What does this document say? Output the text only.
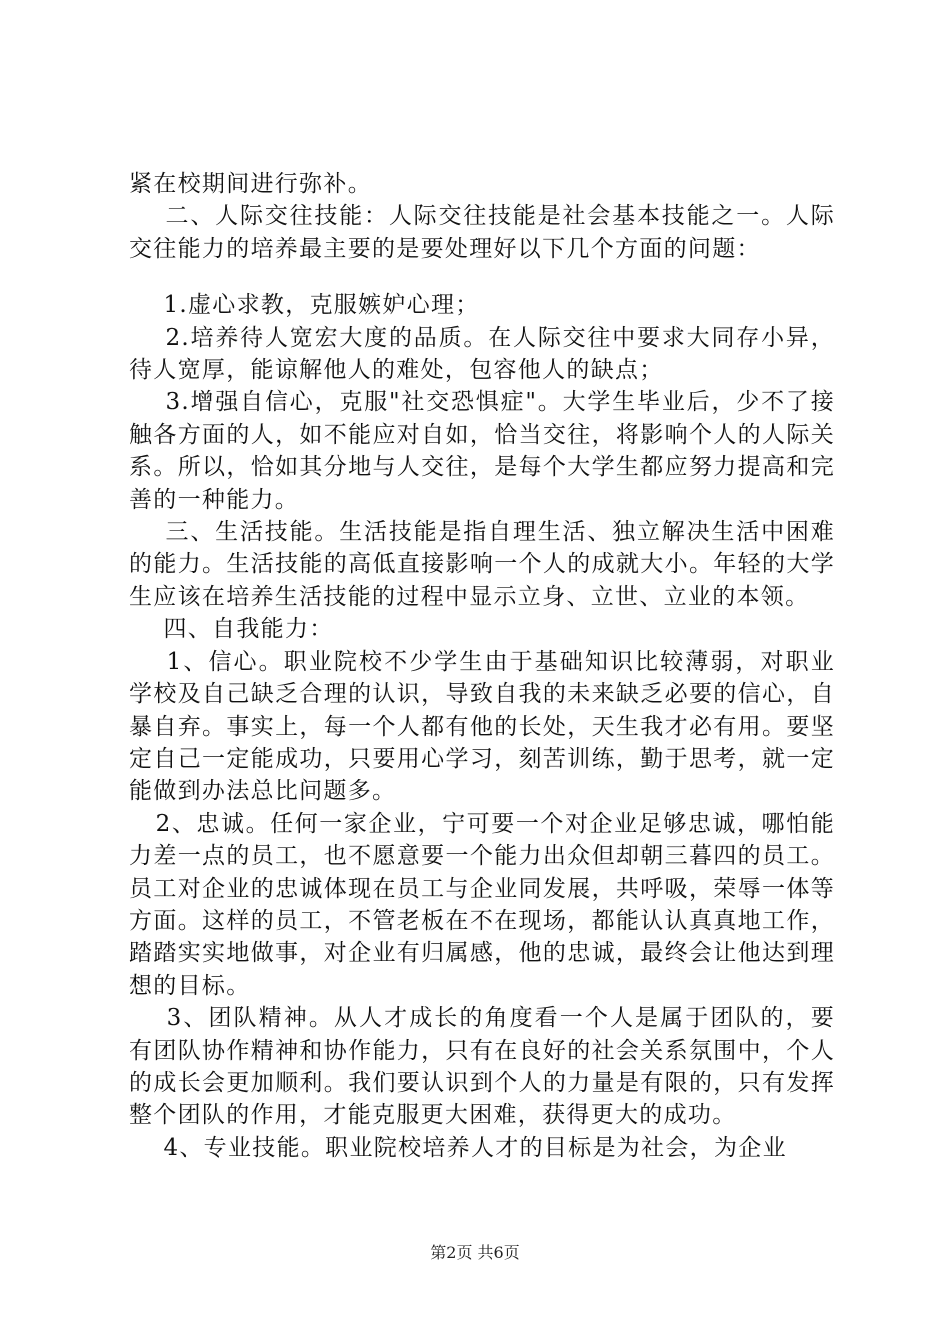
紧在校期间进行弥补。

二、人际交往技能：人际交往技能是社会基本技能之一。人际交往能力的培养最主要的是要处理好以下几个方面的问题：

1.虚心求教，克服嫉妒心理；

2.培养待人宽宏大度的品质。在人际交往中要求大同存小异，待人宽厚，能谅解他人的难处，包容他人的缺点；

3.增强自信心，克服"社交恐惧症"。大学生毕业后，少不了接触各方面的人，如不能应对自如，恰当交往，将影响个人的人际关系。所以，恰如其分地与人交往，是每个大学生都应努力提高和完善的一种能力。

三、生活技能。生活技能是指自理生活、独立解决生活中困难的能力。生活技能的高低直接影响一个人的成就大小。年轻的大学生应该在培养生活技能的过程中显示立身、立世、立业的本领。

四、自我能力：

1、信心。职业院校不少学生由于基础知识比较薄弱，对职业学校及自己缺乏合理的认识，导致自我的未来缺乏必要的信心，自暴自弃。事实上，每一个人都有他的长处，天生我才必有用。要坚定自己一定能成功，只要用心学习，刻苦训练，勤于思考，就一定能做到办法总比问题多。

2、忠诚。任何一家企业，宁可要一个对企业足够忠诚，哪怕能力差一点的员工，也不愿意要一个能力出众但却朝三暮四的员工。员工对企业的忠诚体现在员工与企业同发展，共呼吸，荣辱一体等方面。这样的员工，不管老板在不在现场，都能认认真真地工作，踏踏实实地做事，对企业有归属感，他的忠诚，最终会让他达到理想的目标。

3、团队精神。从人才成长的角度看一个人是属于团队的，要有团队协作精神和协作能力，只有在良好的社会关系氛围中，个人的成长会更加顺利。我们要认识到个人的力量是有限的，只有发挥整个团队的作用，才能克服更大困难，获得更大的成功。

4、专业技能。职业院校培养人才的目标是为社会，为企业

第2页 共6页
